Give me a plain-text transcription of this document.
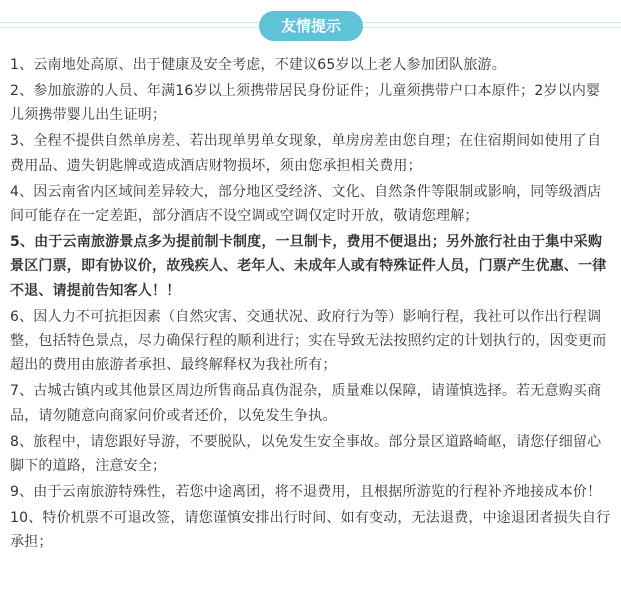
友情提示
✦
✦

1、云南地处高原、出于健康及安全考虑，不建议65岁以上老人参加团队旅游。

2、参加旅游的人员、年满16岁以上须携带居民身份证件；儿童须携带户口本原件；2岁以内婴儿须携带婴儿出生证明；

3、全程不提供自然单房差、若出现单男单女现象，单房房差由您自理；在住宿期间如使用了自费用品、遗失钥匙牌或造成酒店财物损坏，须由您承担相关费用；

4、因云南省内区域间差异较大，部分地区受经济、文化、自然条件等限制或影响，同等级酒店间可能存在一定差距，部分酒店不设空调或空调仅定时开放，敬请您理解；

5、由于云南旅游景点多为提前制卡制度，一旦制卡，费用不便退出；另外旅行社由于集中采购景区门票，即有协议价，故残疾人、老年人、未成年人或有特殊证件人员，门票产生优惠、一律不退、请提前告知客人！！

6、因人力不可抗拒因素（自然灾害、交通状况、政府行为等）影响行程，我社可以作出行程调整，包括特色景点，尽力确保行程的顺利进行；实在导致无法按照约定的计划执行的，因变更而超出的费用由旅游者承担、最终解释权为我社所有；

7、古城古镇内或其他景区周边所售商品真伪混杂，质量难以保障，请谨慎选择。若无意购买商品，请勿随意向商家问价或者还价，以免发生争执。

8、旅程中，请您跟好导游，不要脱队，以免发生安全事故。部分景区道路崎岖，请您仔细留心脚下的道路，注意安全；

9、由于云南旅游特殊性，若您中途离团，将不退费用，且根据所游览的行程补齐地接成本价！

10、特价机票不可退改签，请您谨慎安排出行时间、如有变动，无法退费，中途退团者损失自行承担；
